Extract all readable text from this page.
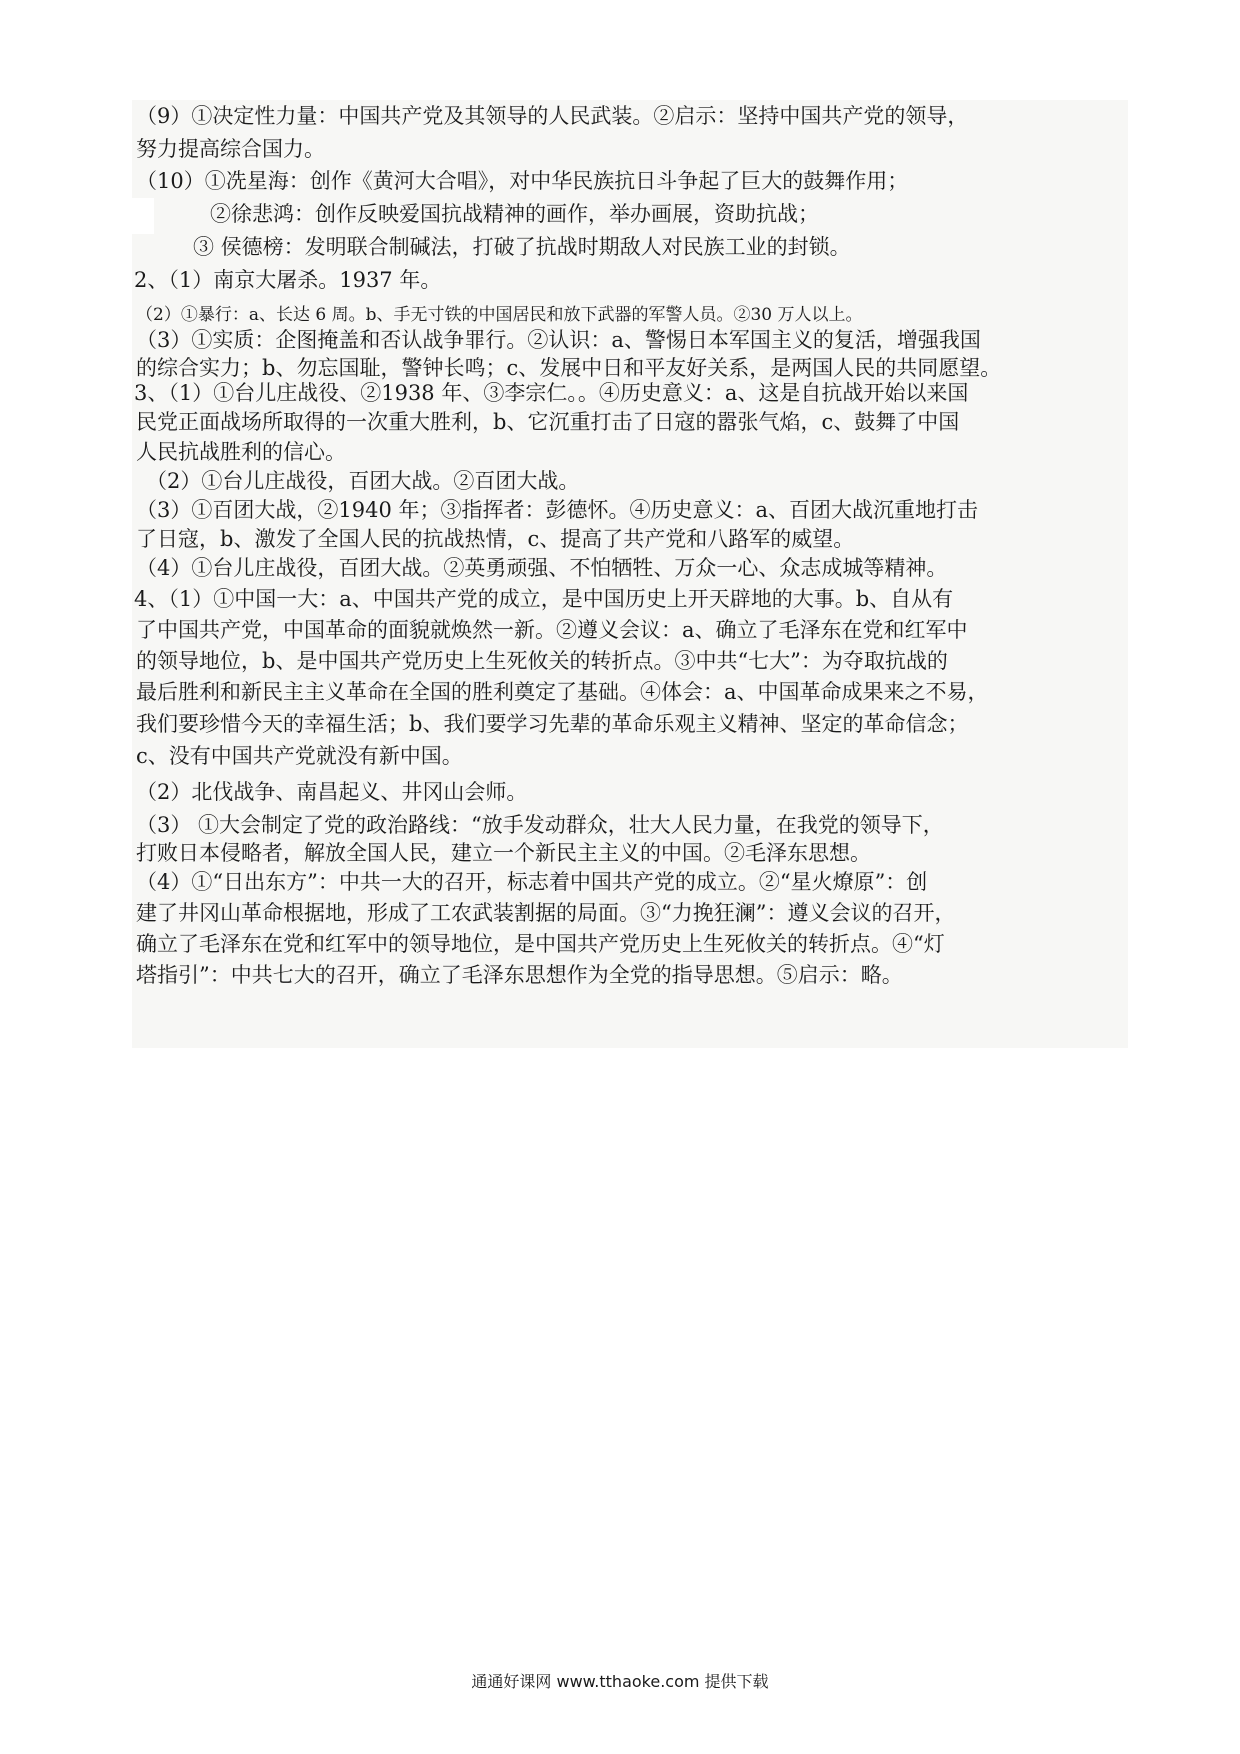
（9）①决定性力量：中国共产党及其领导的人民武装。②启示：坚持中国共产党的领导，
努力提高综合国力。
（10）①冼星海：创作《黄河大合唱》，对中华民族抗日斗争起了巨大的鼓舞作用；
②徐悲鸿：创作反映爱国抗战精神的画作，举办画展，资助抗战；
③ 侯德榜：发明联合制碱法，打破了抗战时期敌人对民族工业的封锁。
2、（1）南京大屠杀。1937 年。
（2）①暴行：a、长达 6 周。b、手无寸铁的中国居民和放下武器的军警人员。②30 万人以上。
（3）①实质：企图掩盖和否认战争罪行。②认识：a、警惕日本军国主义的复活，增强我国
的综合实力；b、勿忘国耻，警钟长鸣；c、发展中日和平友好关系，是两国人民的共同愿望。
3、（1）①台儿庄战役、②1938 年、③李宗仁。。④历史意义：a、这是自抗战开始以来国
民党正面战场所取得的一次重大胜利，b、它沉重打击了日寇的嚣张气焰，c、鼓舞了中国
人民抗战胜利的信心。
（2）①台儿庄战役，百团大战。②百团大战。
（3）①百团大战，②1940 年；③指挥者：彭德怀。④历史意义：a、百团大战沉重地打击
了日寇，b、激发了全国人民的抗战热情，c、提高了共产党和八路军的威望。
（4）①台儿庄战役，百团大战。②英勇顽强、不怕牺牲、万众一心、众志成城等精神。
4、（1）①中国一大：a、中国共产党的成立，是中国历史上开天辟地的大事。b、自从有
了中国共产党，中国革命的面貌就焕然一新。②遵义会议：a、确立了毛泽东在党和红军中
的领导地位，b、是中国共产党历史上生死攸关的转折点。③中共“七大”：为夺取抗战的
最后胜利和新民主主义革命在全国的胜利奠定了基础。④体会：a、中国革命成果来之不易，
我们要珍惜今天的幸福生活；b、我们要学习先辈的革命乐观主义精神、坚定的革命信念；
c、没有中国共产党就没有新中国。
（2）北伐战争、南昌起义、井冈山会师。
（3） ①大会制定了党的政治路线：“放手发动群众，壮大人民力量，在我党的领导下，
打败日本侵略者，解放全国人民，建立一个新民主主义的中国。②毛泽东思想。
（4）①“日出东方”：中共一大的召开，标志着中国共产党的成立。②“星火燎原”：创
建了井冈山革命根据地，形成了工农武装割据的局面。③“力挽狂澜”：遵义会议的召开，
确立了毛泽东在党和红军中的领导地位，是中国共产党历史上生死攸关的转折点。④“灯
塔指引”：中共七大的召开，确立了毛泽东思想作为全党的指导思想。⑤启示：略。
通通好课网 www.tthaoke.com 提供下载
